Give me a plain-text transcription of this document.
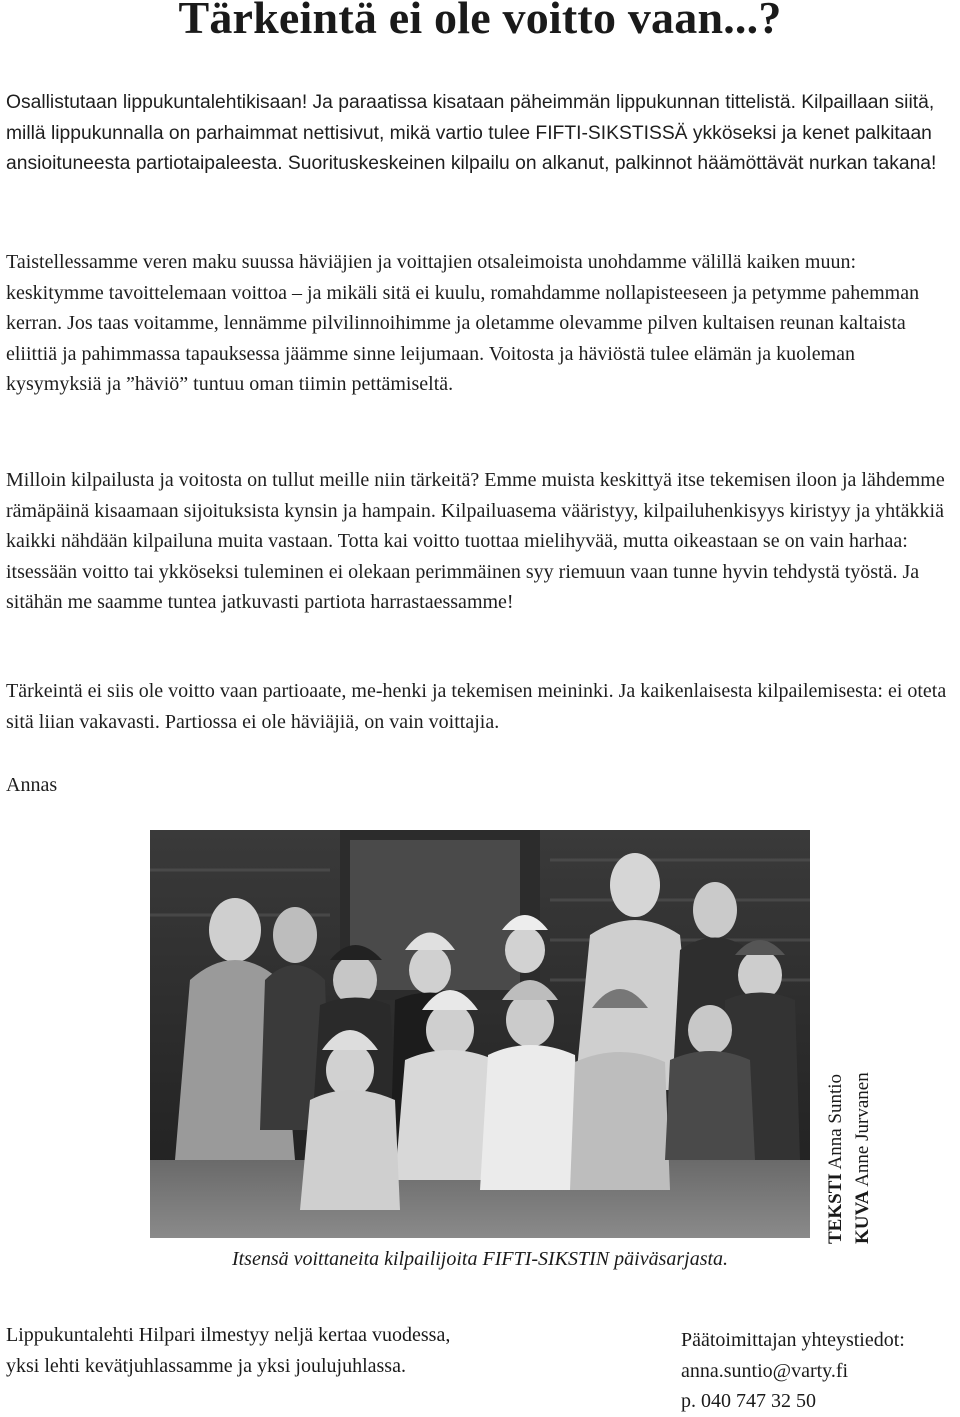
Tärkeintä ei ole voitto vaan...?

Osallistutaan lippukuntalehtikisaan! Ja paraatissa kisataan päheimmän lippukunnan tittelistä. Kilpaillaan siitä, millä lippukunnalla on parhaimmat nettisivut, mikä vartio tulee FIFTI-SIKSTISSÄ ykköseksi ja kenet palkitaan ansioituneesta partiotaipaleesta. Suorituskeskeinen kilpailu on alkanut, palkinnot häämöttävät nurkan takana!

Taistellessamme veren maku suussa häviäjien ja voittajien otsaleimoista unohdamme välillä kaiken muun: keskitymme tavoittelemaan voittoa – ja mikäli sitä ei kuulu, romahdamme nollapisteeseen ja petymme pahemman kerran. Jos taas voitamme, lennämme pilvilinnoihimme ja oletamme olevamme pilven kultaisen reunan kaltaista eliittiä ja pahimmassa tapauksessa jäämme sinne leijumaan. Voitosta ja häviöstä tulee elämän ja kuoleman kysymyksiä ja ”häviö” tuntuu oman tiimin pettämiseltä.

Milloin kilpailusta ja voitosta on tullut meille niin tärkeitä? Emme muista keskittyä itse tekemisen iloon ja lähdemme rämäpäinä kisaamaan sijoituksista kynsin ja hampain. Kilpailuasema vääristyy, kilpailuhenkisyys kiristyy ja yhtäkkiä kaikki nähdään kilpailuna muita vastaan. Totta kai voitto tuottaa mielihyvää, mutta oikeastaan se on vain harhaa: itsessään voitto tai ykköseksi tuleminen ei olekaan perimmäinen syy riemuun vaan tunne hyvin tehdystä työstä. Ja sitähän me saamme tuntea jatkuvasti partiota harrastaessamme!

Tärkeintä ei siis ole voitto vaan partioaate, me-henki ja tekemisen meininki. Ja kaikenlaisesta kilpailemisesta: ei oteta sitä liian vakavasti. Partiossa ei ole häviäjiä, on vain voittajia.

Annas

Itsensä voittaneita kilpailijoita FIFTI-SIKSTIN päiväsarjasta.
TEKSTI Anna Suntio
KUVA Anne Jurvanen
Lippukuntalehti Hilpari ilmestyy neljä kertaa vuodessa, yksi lehti kevätjuhlassamme ja yksi joulujuhlassa.
Päätoimittajan yhteystiedot:
anna.suntio@varty.fi
p. 040 747 32 50
